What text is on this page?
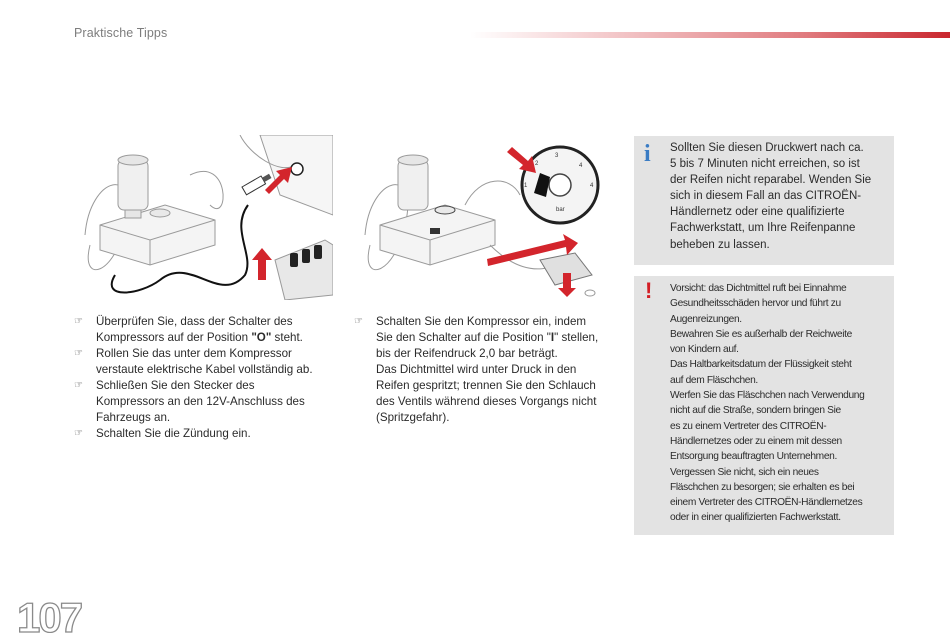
Praktische Tipps
2
3
4
1	4
bar
☞ Überprüfen Sie, dass der Schalter des
Kompressors auf der Position "O" steht.
☞ Rollen Sie das unter dem Kompressor
verstaute elektrische Kabel vollständig ab.
☞ Schließen Sie den Stecker des
Kompressors an den 12V-Anschluss des
Fahrzeugs an.
☞ Schalten Sie die Zündung ein.
☞ Schalten Sie den Kompressor ein, indem
Sie den Schalter auf die Position "I" stellen,
bis der Reifendruck 2,0 bar beträgt.
Das Dichtmittel wird unter Druck in den
Reifen gespritzt; trennen Sie den Schlauch
des Ventils während dieses Vorgangs nicht
(Spritzgefahr).
i Sollten Sie diesen Druckwert nach ca.
5 bis 7 Minuten nicht erreichen, so ist
der Reifen nicht reparabel. Wenden Sie
sich in diesem Fall an das CITROËN-
Händlernetz oder eine qualifizierte
Fachwerkstatt, um Ihre Reifenpanne
beheben zu lassen.
! Vorsicht: das Dichtmittel ruft bei Einnahme
Gesundheitsschäden hervor und führt zu
Augenreizungen.
Bewahren Sie es außerhalb der Reichweite
von Kindern auf.
Das Haltbarkeitsdatum der Flüssigkeit steht
auf dem Fläschchen.
Werfen Sie das Fläschchen nach Verwendung
nicht auf die Straße, sondern bringen Sie
es zu einem Vertreter des CITROËN-
Händlernetzes oder zu einem mit dessen
Entsorgung beauftragten Unternehmen.
Vergessen Sie nicht, sich ein neues
Fläschchen zu besorgen; sie erhalten es bei
einem Vertreter des CITROËN-Händlernetzes
oder in einer qualifizierten Fachwerkstatt.
107
